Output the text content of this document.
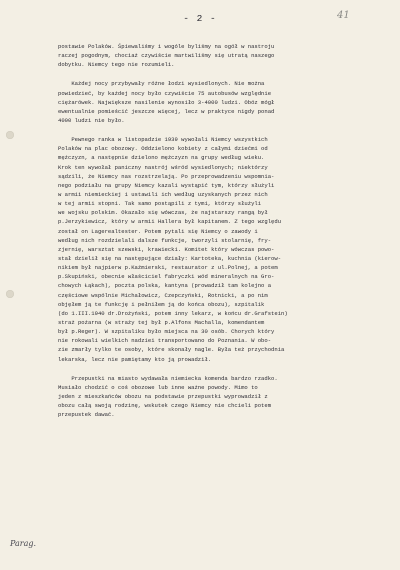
- 2 -	41
postawie Polaków. Śpiewaliśmy i wogóle byliśmy na ogół w nastroju
raczej pogodnym, chociaż czywiście martwiliśmy się utratą naszego
dobytku. Niemcy tego nie rozumieli.
Każdej nocy przybywały różne łodzi wysiedlonych. Nie można
powiedzieć, by każdej nocy było czywiście 75 autobusów względnie
ciężarówek. Największe nasilenie wynosiło 3-4000 ludzi. Obóz mógł
ewentualnie pomieścić jeszcze więcej, lecz w praktyce nigdy ponad
4000 ludzi nie było.
Pewnego ranka w listopadzie 1939 wywołali Niemcy wszystkich
Polaków na plac obozowy. Oddzielono kobiety z całymi dziećmi od
mężczyzn, a następnie dzielono mężczyzn na grupy według wieku.
Krok ten wywołał paniczny nastrój wśród wysiedlonych; niektórzy
sądzili, że Niemcy nas rozstrzelają. Po przeprowadzeniu wspomnia-
nego podziału na grupy Niemcy kazali wystąpić tym, którzy służyli
w armii niemieckiej i ustawili ich według uzyskanych przez nich
w tej armii stopni. Tak samo postąpili z tymi, którzy służyli
we wojsku polskim. Okazało się wówczas, że najstarszy rangą był
p.Jerzykiewicz, który w armii Hallera był kapitanem. Z tego względu
został on Lagerealtester. Potem pytali się Niemcy o zawody i
według nich rozdzielali dalsze funkcje, tworzyli stolarnię, fry-
zjernię, warsztat szewski, krawiecki. Komitet który wówczas powo-
stał dzielił się na następujące działy: Kartoteka, kuchnia (kierow-
nikiem był najpierw p.Kaźmierski, restaurator z ul.Polnej, a potem
p.Skupiński, obecnie właściciel fabryczki wód mineralnych na Gro-
chowych Łąkach), poczta polska, kantyna (prowadził tam kolejno a
częściowe wspólnie Michałowicz, Czepczyński, Rotnicki, a po nim
objęłem ją te funkcję i pełniłem ją do końca obozu), szpitalik
(do 1.III.1940 dr.Drożyński, potem inny lekarz, w końcu dr.Grafstein)
straż pożarna (w straży tej był p.Alfons Machalla, komendantem
był p.Reger). W szpitaliku było miejsca na 30 osób. Chorych który
nie rokowali wielkich nadziei transportowano do Poznania. W obo-
zie zmarły tylko te osoby, które skonały nagle. Była też przychodnia
lekarska, lecz nie pamiętamy kto ją prowadził.
Przepustki na miasto wydawała niemiecka komenda bardzo rzadko.
Musiało chodzić o coś obozowe lub inne ważne powody. Mimo to
jeden z mieszkańców obozu na podstawie przepustki wyprowadził z
obozu całą swoją rodzinę, wskutek czego Niemcy nie chcieli potem
przepustek dawać.
Parag.
